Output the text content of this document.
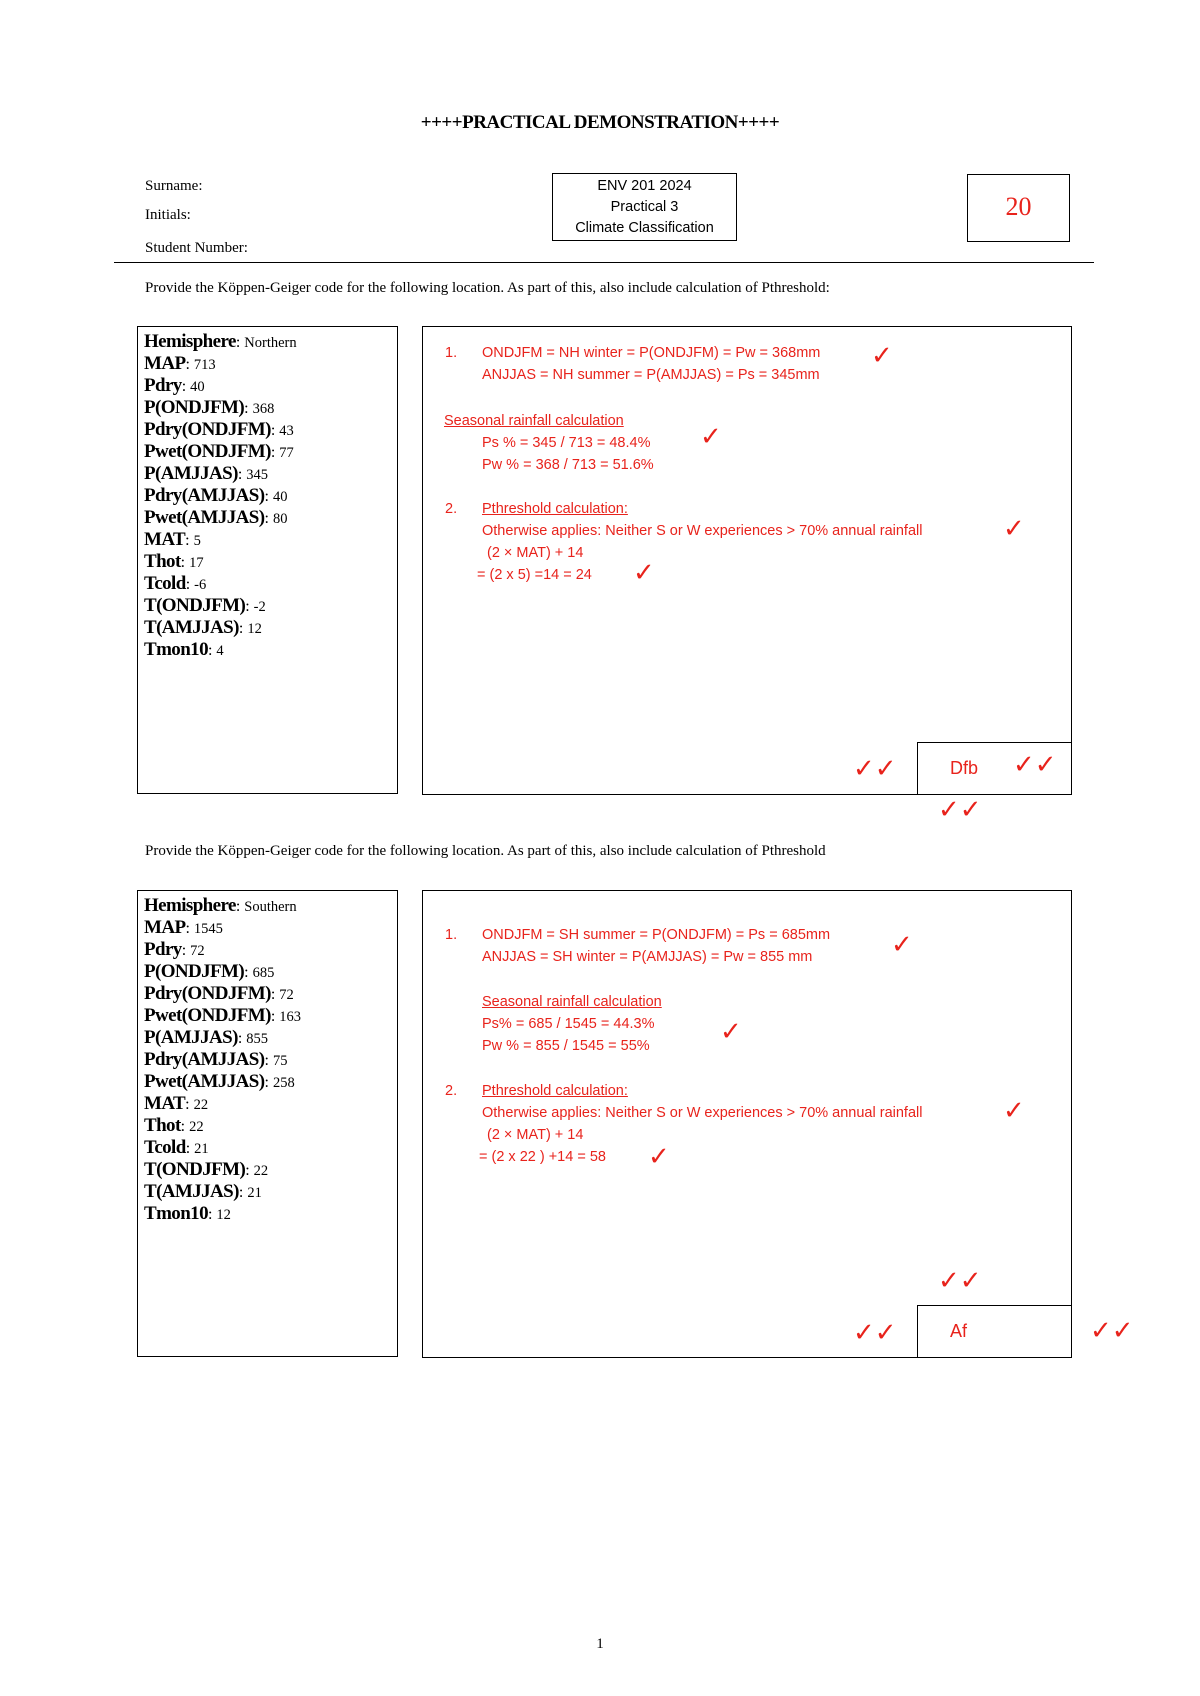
++++PRACTICAL DEMONSTRATION++++
Surname:
Initials:
Student Number:
ENV 201 2024
Practical 3
Climate Classification
20
Provide the Köppen-Geiger code for the following location. As part of this, also include calculation of Pthreshold:
Hemisphere: Northern
MAP: 713
Pdry: 40
P(ONDJFM): 368
Pdry(ONDJFM): 43
Pwet(ONDJFM): 77
P(AMJJAS): 345
Pdry(AMJJAS): 40
Pwet(AMJJAS): 80
MAT: 5
Thot: 17
Tcold: -6
T(ONDJFM): -2
T(AMJJAS): 12
Tmon10: 4
1. ONDJFM = NH winter = P(ONDJFM) = Pw = 368mm
ANJJAS = NH summer = P(AMJJAS) = Ps = 345mm
Seasonal rainfall calculation
Ps % = 345 / 713 = 48.4%
Pw % = 368 / 713 = 51.6%
2. Pthreshold calculation:
Otherwise applies: Neither S or W experiences > 70% annual rainfall
(2 × MAT) + 14
= (2 x 5) =14 = 24
Dfb
✓
✓
✓
✓
✓✓	✓✓
✓✓
Provide the Köppen-Geiger code for the following location. As part of this, also include calculation of Pthreshold
Hemisphere: Southern
MAP: 1545
Pdry: 72
P(ONDJFM): 685
Pdry(ONDJFM): 72
Pwet(ONDJFM): 163
P(AMJJAS): 855
Pdry(AMJJAS): 75
Pwet(AMJJAS): 258
MAT: 22
Thot: 22
Tcold: 21
T(ONDJFM): 22
T(AMJJAS): 21
Tmon10: 12
1. ONDJFM = SH summer = P(ONDJFM) = Ps = 685mm
ANJJAS = SH winter = P(AMJJAS) = Pw = 855 mm
Seasonal rainfall calculation
Ps% = 685 / 1545 = 44.3%
Pw % = 855 / 1545 = 55%
2. Pthreshold calculation:
Otherwise applies: Neither S or W experiences > 70% annual rainfall
(2 × MAT) + 14
= (2 x 22 ) +14 = 58
Af
✓
✓
✓
✓
✓✓
✓✓	✓✓
1
